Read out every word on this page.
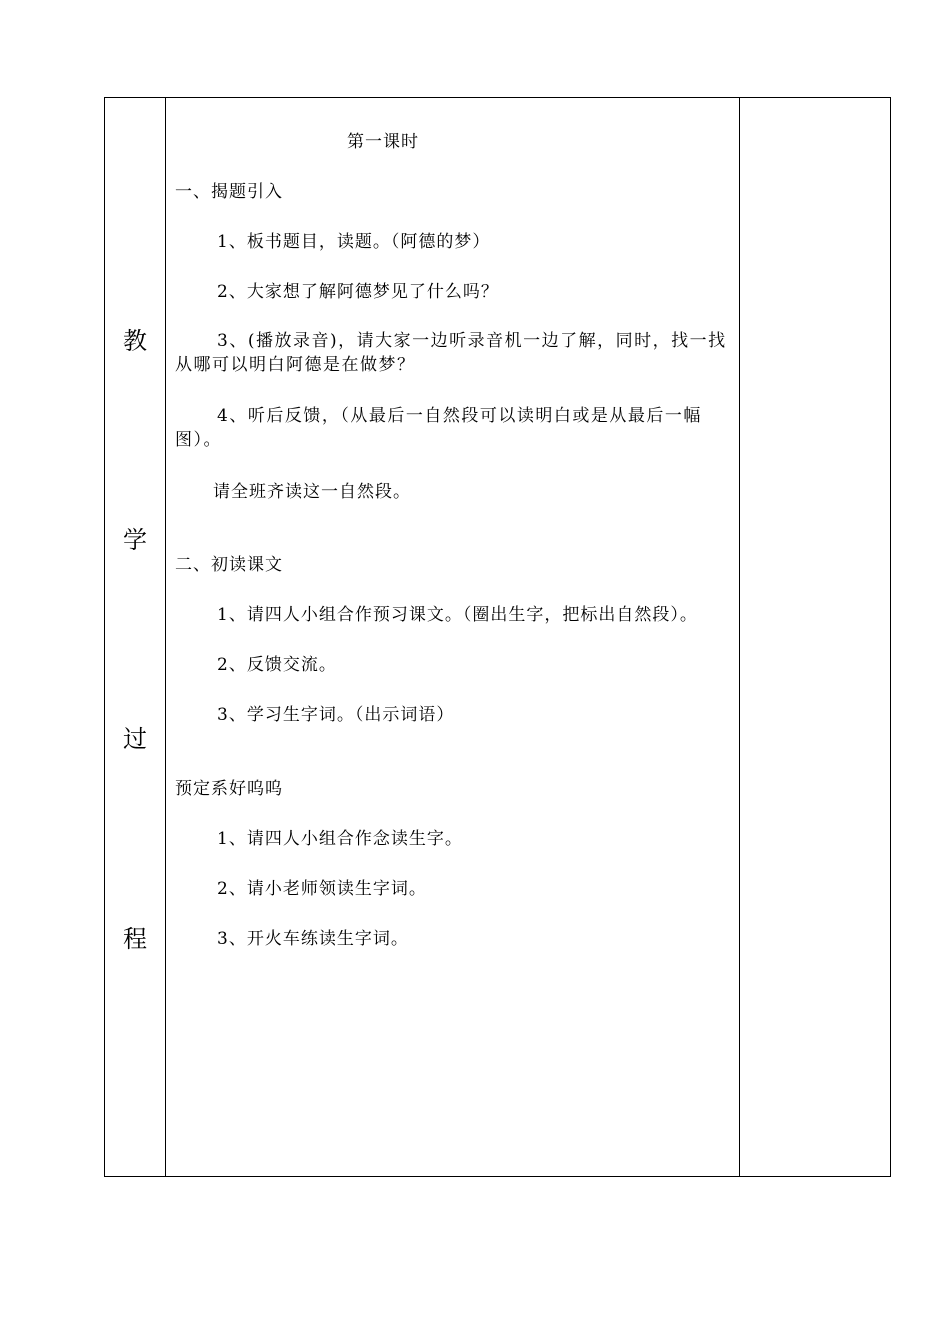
教
学
过
程
第一课时
一、揭题引入
1、板书题目，读题。（阿德的梦）
2、大家想了解阿德梦见了什么吗？
3、(播放录音)，请大家一边听录音机一边了解，同时，找一找从哪可以明白阿德是在做梦？
4、听后反馈，（从最后一自然段可以读明白或是从最后一幅图）。
请全班齐读这一自然段。
二、初读课文
1、请四人小组合作预习课文。（圈出生字，把标出自然段）。
2、反馈交流。
3、学习生字词。（出示词语）
预定系好呜呜
1、请四人小组合作念读生字。
2、请小老师领读生字词。
3、开火车练读生字词。
